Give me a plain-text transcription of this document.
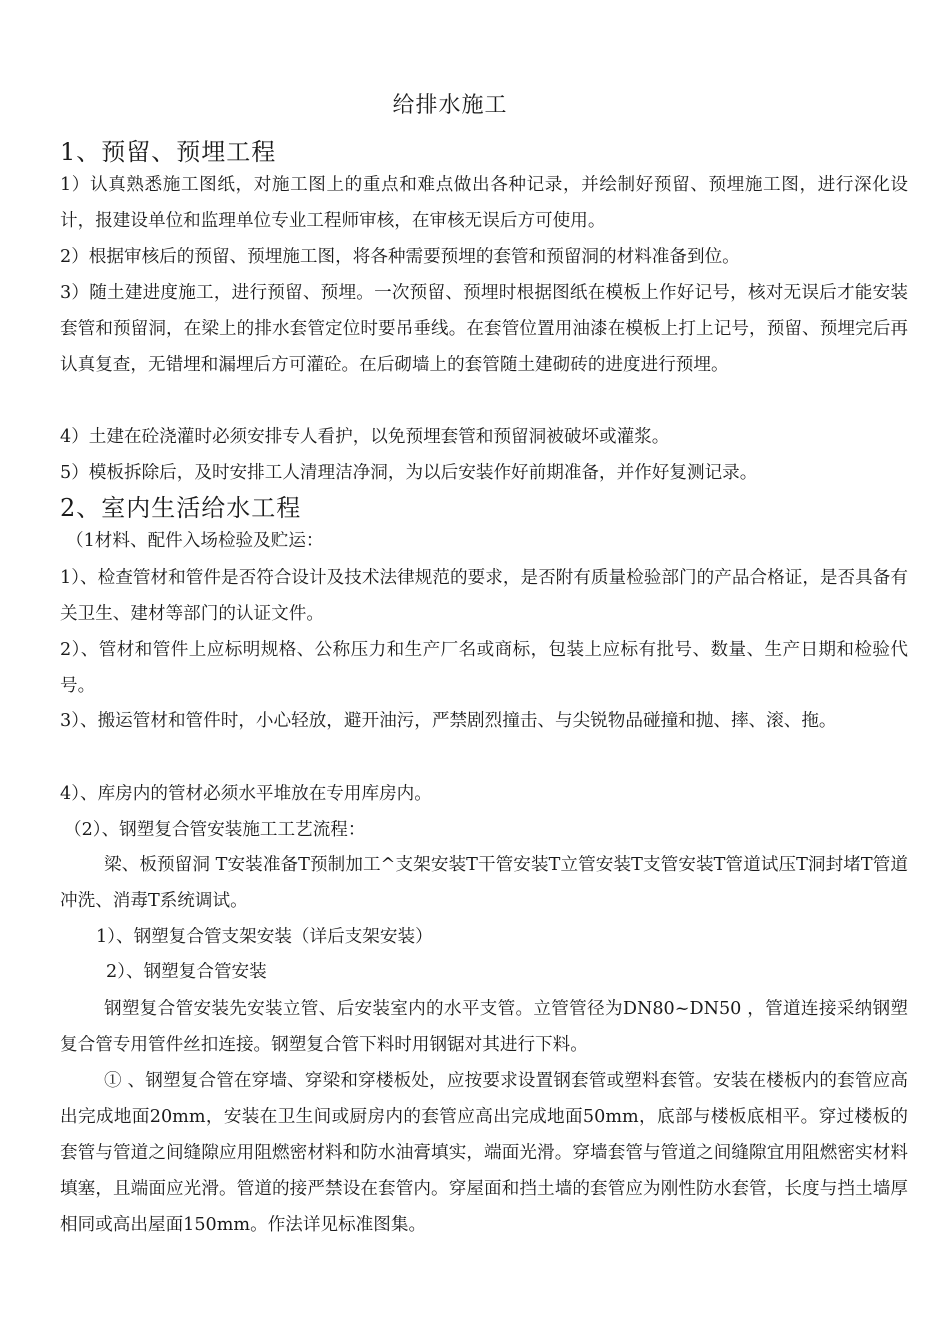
给排水施工
1、预留、预埋工程
1）认真熟悉施工图纸，对施工图上的重点和难点做出各种记录，并绘制好预留、预埋施工图，进行深化设计，报建设单位和监理单位专业工程师审核，在审核无误后方可使用。
2）根据审核后的预留、预埋施工图，将各种需要预埋的套管和预留洞的材料准备到位。
3）随土建进度施工，进行预留、预埋。一次预留、预埋时根据图纸在模板上作好记号，核对无误后才能安装套管和预留洞，在梁上的排水套管定位时要吊垂线。在套管位置用油漆在模板上打上记号，预留、预埋完后再认真复查，无错埋和漏埋后方可灌砼。在后砌墙上的套管随土建砌砖的进度进行预埋。
4）土建在砼浇灌时必须安排专人看护，以免预埋套管和预留洞被破坏或灌浆。
5）模板拆除后，及时安排工人清理洁净洞，为以后安装作好前期准备，并作好复测记录。
2、室内生活给水工程
（1材料、配件入场检验及贮运：
1）、检查管材和管件是否符合设计及技术法律规范的要求，是否附有质量检验部门的产品合格证，是否具备有关卫生、建材等部门的认证文件。
2）、管材和管件上应标明规格、公称压力和生产厂名或商标，包装上应标有批号、数量、生产日期和检验代号。
3）、搬运管材和管件时，小心轻放，避开油污，严禁剧烈撞击、与尖锐物品碰撞和抛、摔、滚、拖。
4）、库房内的管材必须水平堆放在专用库房内。
（2）、钢塑复合管安装施工工艺流程：
梁、板预留洞 T安装准备T预制加工^支架安装T干管安装T立管安装T支管安装T管道试压T洞封堵T管道冲洗、消毒T系统调试。
1）、钢塑复合管支架安装（详后支架安装）
2）、钢塑复合管安装
钢塑复合管安装先安装立管、后安装室内的水平支管。立管管径为DN80~DN50 ，管道连接采纳钢塑复合管专用管件丝扣连接。钢塑复合管下料时用钢锯对其进行下料。
① 、钢塑复合管在穿墙、穿梁和穿楼板处，应按要求设置钢套管或塑料套管。安装在楼板内的套管应高出完成地面20mm，安装在卫生间或厨房内的套管应高出完成地面50mm，底部与楼板底相平。穿过楼板的套管与管道之间缝隙应用阻燃密材料和防水油膏填实，端面光滑。穿墙套管与管道之间缝隙宜用阻燃密实材料填塞，且端面应光滑。管道的接严禁设在套管内。穿屋面和挡土墙的套管应为刚性防水套管，长度与挡土墙厚相同或高出屋面150mm。作法详见标准图集。
